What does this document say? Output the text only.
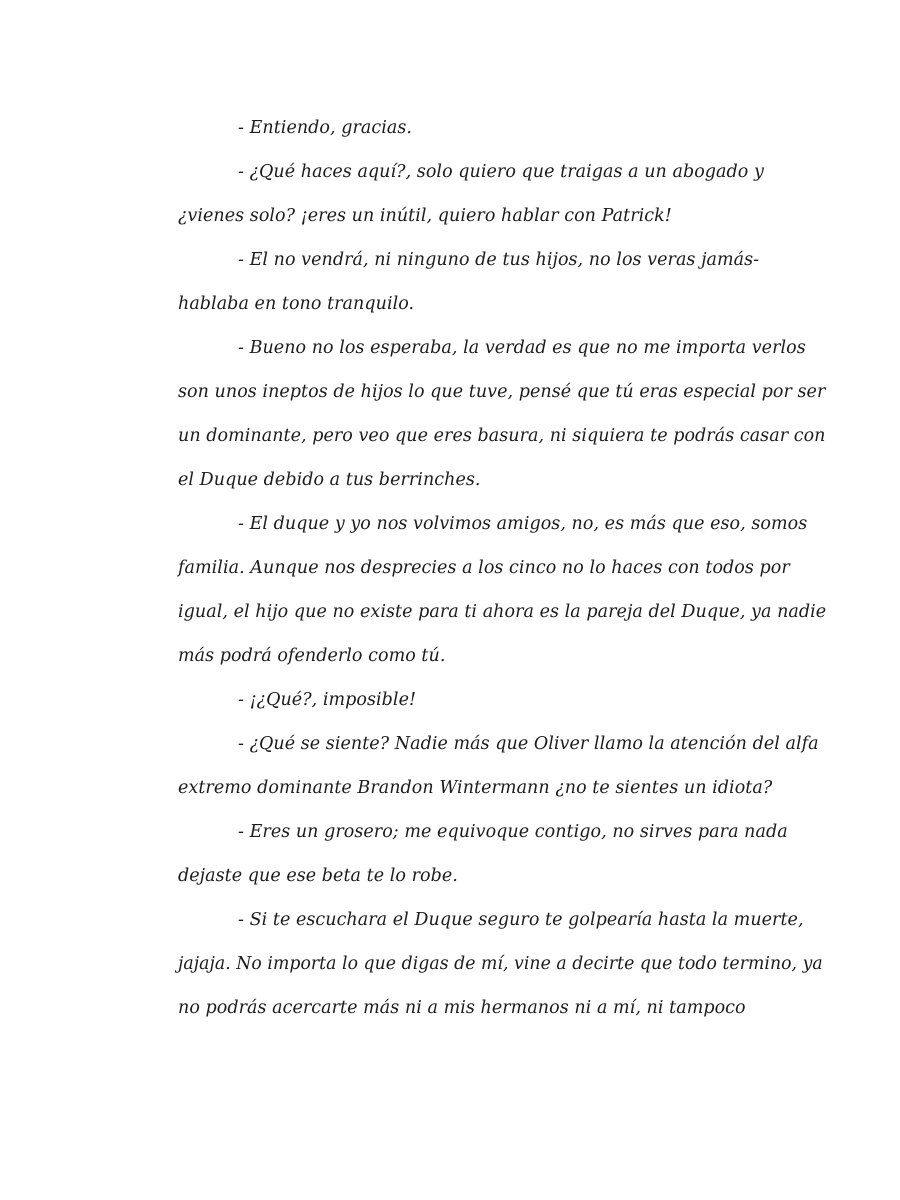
- Entiendo, gracias.
- ¿Qué haces aquí?, solo quiero que traigas a un abogado y
¿vienes solo? ¡eres un inútil, quiero hablar con Patrick!
- El no vendrá, ni ninguno de tus hijos, no los veras jamás-
hablaba en tono tranquilo.
- Bueno no los esperaba, la verdad es que no me importa verlos
son unos ineptos de hijos lo que tuve, pensé que tú eras especial por ser
un dominante, pero veo que eres basura, ni siquiera te podrás casar con
el Duque debido a tus berrinches.
- El duque y yo nos volvimos amigos, no, es más que eso, somos
familia. Aunque nos desprecies a los cinco no lo haces con todos por
igual, el hijo que no existe para ti ahora es la pareja del Duque, ya nadie
más podrá ofenderlo como tú.
- ¡¿Qué?, imposible!
- ¿Qué se siente? Nadie más que Oliver llamo la atención del alfa
extremo dominante Brandon Wintermann ¿no te sientes un idiota?
- Eres un grosero; me equivoque contigo, no sirves para nada
dejaste que ese beta te lo robe.
- Si te escuchara el Duque seguro te golpearía hasta la muerte,
jajaja. No importa lo que digas de mí, vine a decirte que todo termino, ya
no podrás acercarte más ni a mis hermanos ni a mí, ni tampoco
